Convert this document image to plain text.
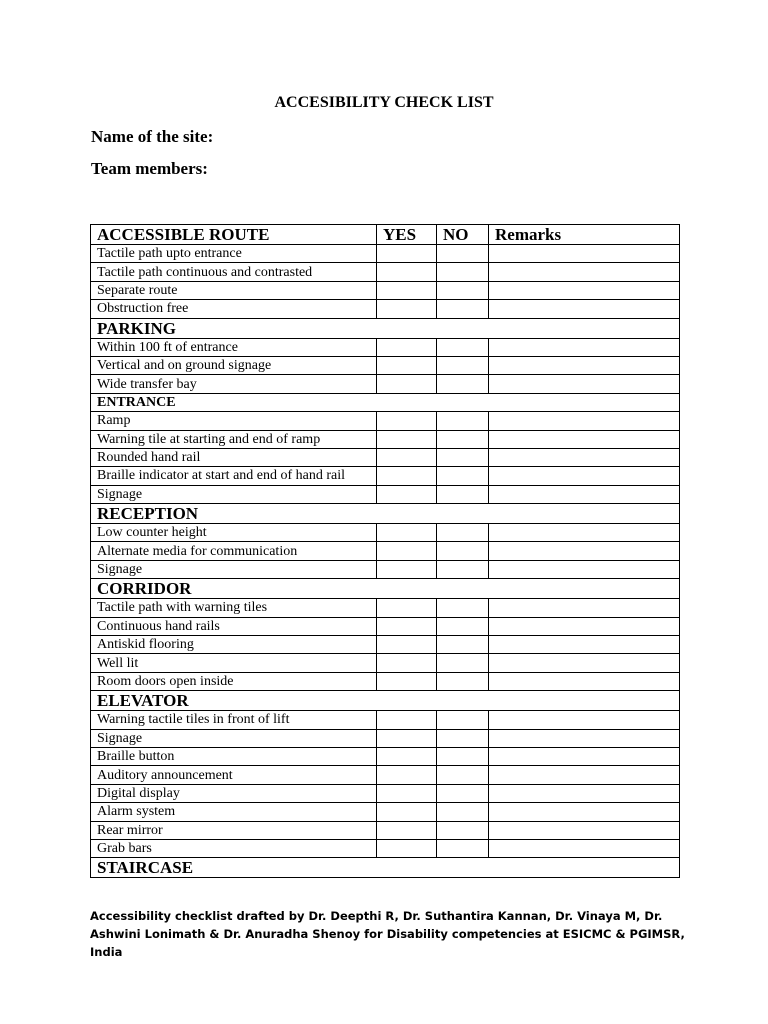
ACCESIBILITY CHECK LIST
Name of the site:
Team members:
ACCESSIBLE ROUTE	YES	NO	Remarks
Tactile path upto entrance			
Tactile path continuous and contrasted			
Separate route			
Obstruction free			
PARKING			
Within 100 ft of entrance			
Vertical and on ground signage			
Wide transfer bay			
ENTRANCE			
Ramp			
Warning tile at starting and end of ramp			
Rounded hand rail			
Braille indicator at start and end of hand rail			
Signage			
RECEPTION			
Low counter height			
Alternate media for communication			
Signage			
CORRIDOR			
Tactile path with warning tiles			
Continuous hand rails			
Antiskid flooring			
Well lit			
Room doors open inside			
ELEVATOR			
Warning tactile tiles in front of lift			
Signage			
Braille button			
Auditory announcement			
Digital display			
Alarm system			
Rear mirror			
Grab bars			
STAIRCASE			
Accessibility checklist drafted by Dr. Deepthi R, Dr. Suthantira Kannan, Dr. Vinaya M, Dr. Ashwini Lonimath & Dr. Anuradha Shenoy for Disability competencies at ESICMC & PGIMSR, India
